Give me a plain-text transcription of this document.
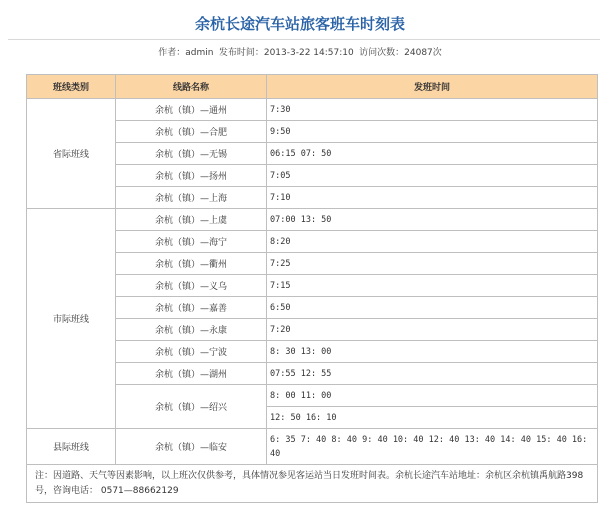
余杭长途汽车站旅客班车时刻表
作者：admin 发布时间：2013-3-22 14:57:10 访问次数：24087次
班线类别	线路名称	发班时间
省际班线	余杭（镇）—通州	7:30
	余杭（镇）—合肥	9:50
	余杭（镇）—无锡	06:15 07: 50
	余杭（镇）—扬州	7:05
	余杭（镇）—上海	7:10
市际班线	余杭（镇）—上虞	07:00 13: 50
	余杭（镇）—海宁	8:20
	余杭（镇）—衢州	7:25
	余杭（镇）—义乌	7:15
	余杭（镇）—嘉善	6:50
	余杭（镇）—永康	7:20
	余杭（镇）—宁波	8: 30 13: 00
	余杭（镇）—湖州	07:55 12: 55
	余杭（镇）—绍兴	8: 00 11: 00
		12: 50 16: 10
县际班线	余杭（镇）—临安	6: 35 7: 40 8: 40 9: 40 10: 40 12: 40 13: 40 14: 40 15: 40 16: 40
注：因道路、天气等因素影响，以上班次仅供参考，具体情况参见客运站当日发班时间表。余杭长途汽车站地址：余杭区余杭镇禹航路398号，咨询电话： 0571—88662129		
